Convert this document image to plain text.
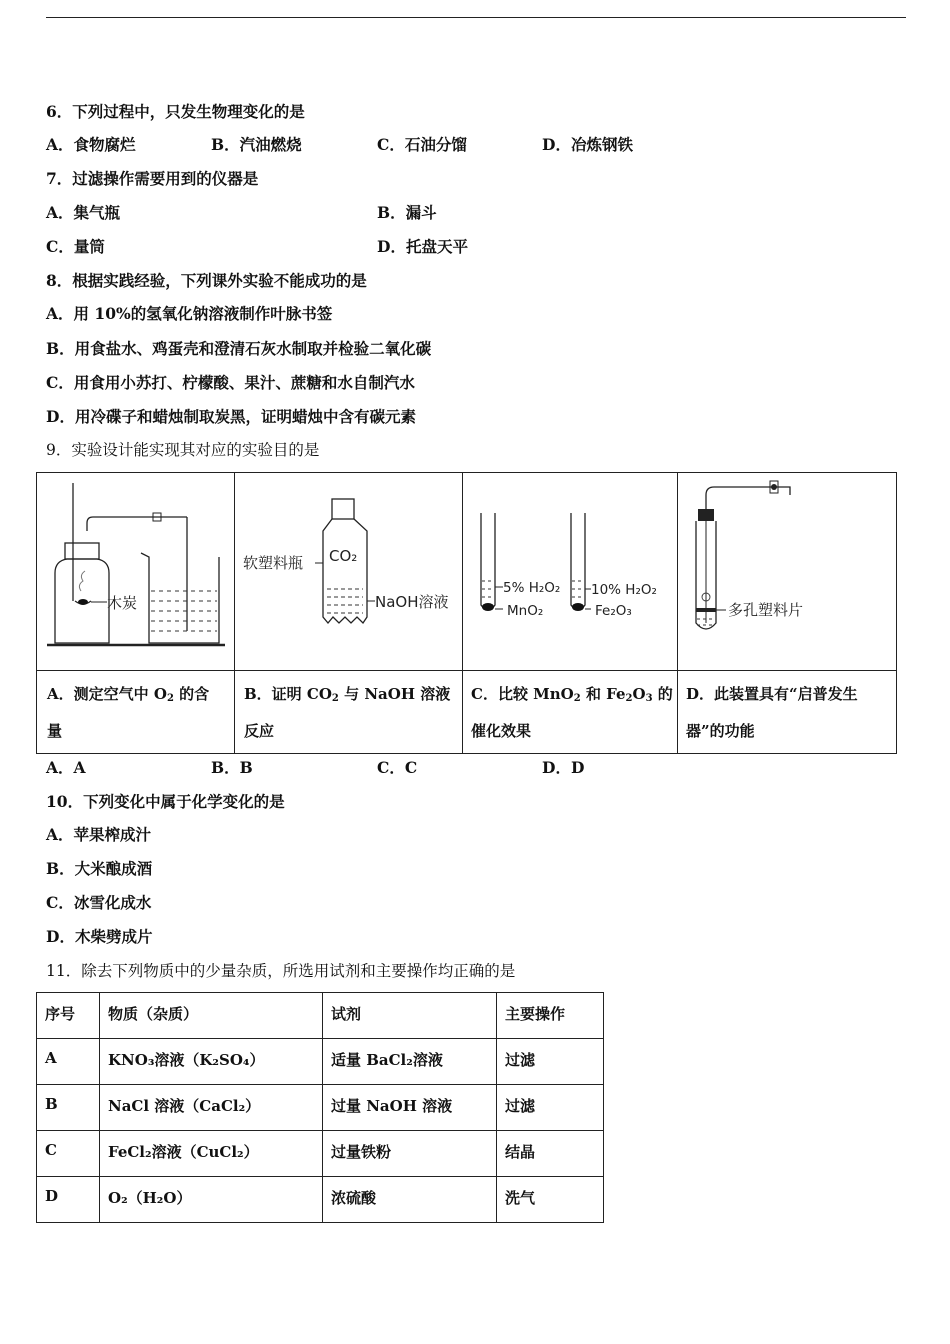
6．下列过程中，只发生物理变化的是
A．食物腐烂	B．汽油燃烧	C．石油分馏	D．冶炼钢铁
7．过滤操作需要用到的仪器是
A．集气瓶	B．漏斗
C．量筒	D．托盘天平
8．根据实践经验，下列课外实验不能成功的是
A．用 10%的氢氧化钠溶液制作叶脉书签
B．用食盐水、鸡蛋壳和澄清石灰水制取并检验二氧化碳
C．用食用小苏打、柠檬酸、果汁、蔗糖和水自制汽水
D．用冷碟子和蜡烛制取炭黑，证明蜡烛中含有碳元素
9．实验设计能实现其对应的实验目的是
木炭
软塑料瓶 CO₂
NaOH溶液
5% H₂O₂
MnO₂
10% H₂O₂
Fe₂O₃	多孔塑料片
A．测定空气中 $O_2$ 的含
量
B．证明 $CO_2$ 与 NaOH 溶液
反应
C．比较 MnO$_2$ 和 $Fe_2O_3$ 的
催化效果
D．此装置具有“启普发生
器”的功能
A．A	B．B	C．C	D．D
10．下列变化中属于化学变化的是
A．苹果榨成汁
B．大米酿成酒
C．冰雪化成水
D．木柴劈成片
11．除去下列物质中的少量杂质，所选用试剂和主要操作均正确的是
序号	物质（杂质）	试剂	主要操作
A	KNO₃溶液（K₂SO₄）	适量 BaCl₂溶液	过滤
B	NaCl 溶液（CaCl₂）	过量 NaOH 溶液	过滤
C	FeCl₂溶液（CuCl₂）	过量铁粉	结晶
D	O₂（H₂O）	浓硫酸	洗气
